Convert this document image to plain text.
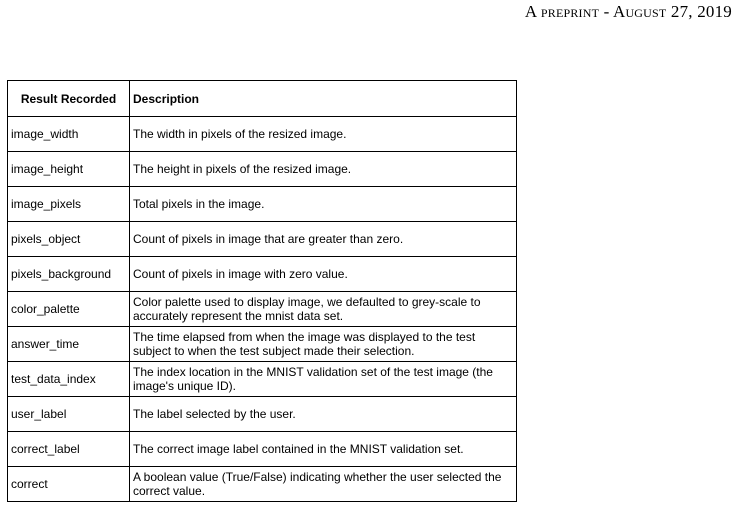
A preprint - August 27, 2019
Result Recorded	Description
image_width	The width in pixels of the resized image.
image_height	The height in pixels of the resized image.
image_pixels	Total pixels in the image.
pixels_object	Count of pixels in image that are greater than zero.
pixels_background	Count of pixels in image with zero value.
color_palette	Color palette used to display image, we defaulted to grey-scale to accurately represent the mnist data set.
answer_time	The time elapsed from when the image was displayed to the test subject to when the test subject made their selection.
test_data_index	The index location in the MNIST validation set of the test image (the image's unique ID).
user_label	The label selected by the user.
correct_label	The correct image label contained in the MNIST validation set.
correct	A boolean value (True/False) indicating whether the user selected the correct value.
